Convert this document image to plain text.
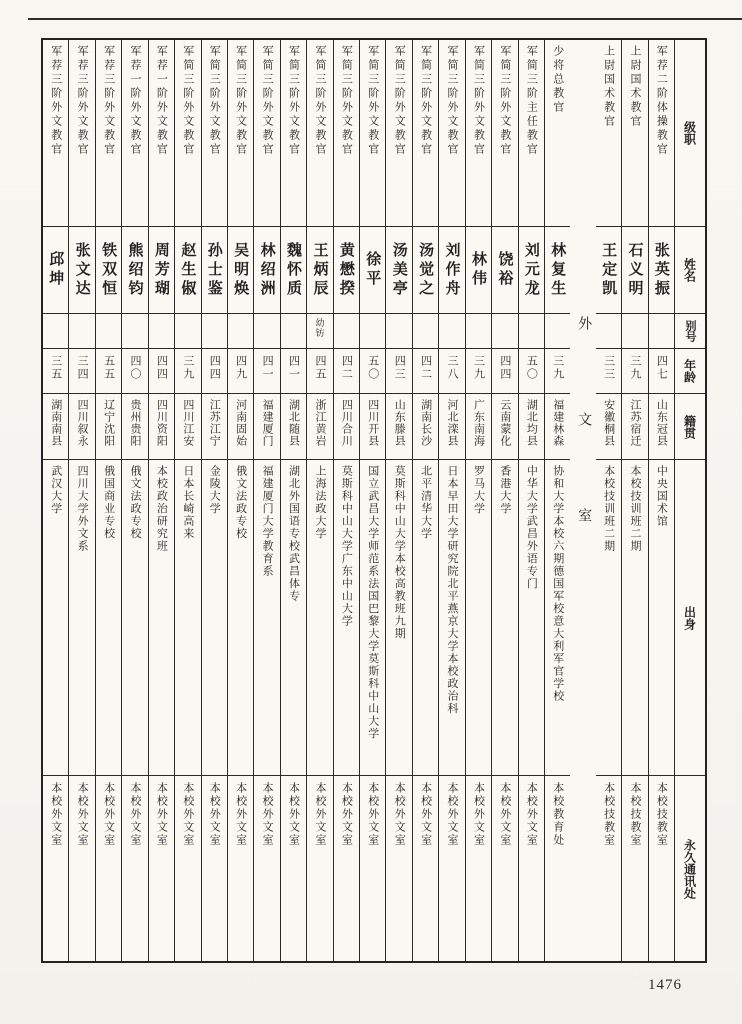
军荐三阶外文教官
邱坤
三五
湖南南县
武汉大学
本校外文室
军荐三阶外文教官
张文达
三四
四川叙永
四川大学外文系
本校外文室
军荐三阶外文教官
铁双恒
五五
辽宁沈阳
俄国商业专校
本校外文室
军荐一阶外文教官
熊绍钧
四〇
贵州贵阳
俄文法政专校
本校外文室
军荐一阶外文教官
周芳瑚
四四
四川资阳
本校政治研究班
本校外文室
军简三阶外文教官
赵生俶
三九
四川江安
日本长崎高来
本校外文室
军简三阶外文教官
孙士鉴
四四
江苏江宁
金陵大学
本校外文室
军简三阶外文教官
吴明焕
四九
河南固始
俄文法政专校
本校外文室
军简三阶外文教官
林绍洲
四一
福建厦门
福建厦门大学教育系
本校外文室
军简三阶外文教官
魏怀质
四一
湖北随县
湖北外国语专校武昌体专
本校外文室
军简三阶外文教官
王炳辰
幼钫
四五
浙江黄岩
上海法政大学
本校外文室
军简三阶外文教官
黄懋揆
四二
四川合川
莫斯科中山大学广东中山大学
本校外文室
军简三阶外文教官
徐平
五〇
四川开县
国立武昌大学师范系法国巴黎大学莫斯科中山大学
本校外文室
军简三阶外文教官
汤美亭
四三
山东滕县
莫斯科中山大学本校高教班九期
本校外文室
军简三阶外文教官
汤觉之
四二
湖南长沙
北平清华大学
本校外文室
军简三阶外文教官
刘作舟
三八
河北滦县
日本早田大学研究院北平燕京大学本校政治科
本校外文室
军简三阶外文教官
林伟
三九
广东南海
罗马大学
本校外文室
军简三阶外文教官
饶裕
四四
云南蒙化
香港大学
本校外文室
军简三阶主任教官
刘元龙
五〇
湖北均县
中华大学武昌外语专门
本校外文室
少将总教官
林复生
三九
福建林森
协和大学本校六期德国军校意大利军官学校
本校教育处
外文室
上尉国术教官
王定凯
三三
安徽桐县
本校技训班二期
本校技教室
上尉国术教官
石义明
三九
江苏宿迁
本校技训班二期
本校技教室
军荐二阶体操教官
张英振
四七
山东冠县
中央国术馆
本校技教室
级职
姓名
别号
年龄
籍贯
出身
永久通讯处
1476
